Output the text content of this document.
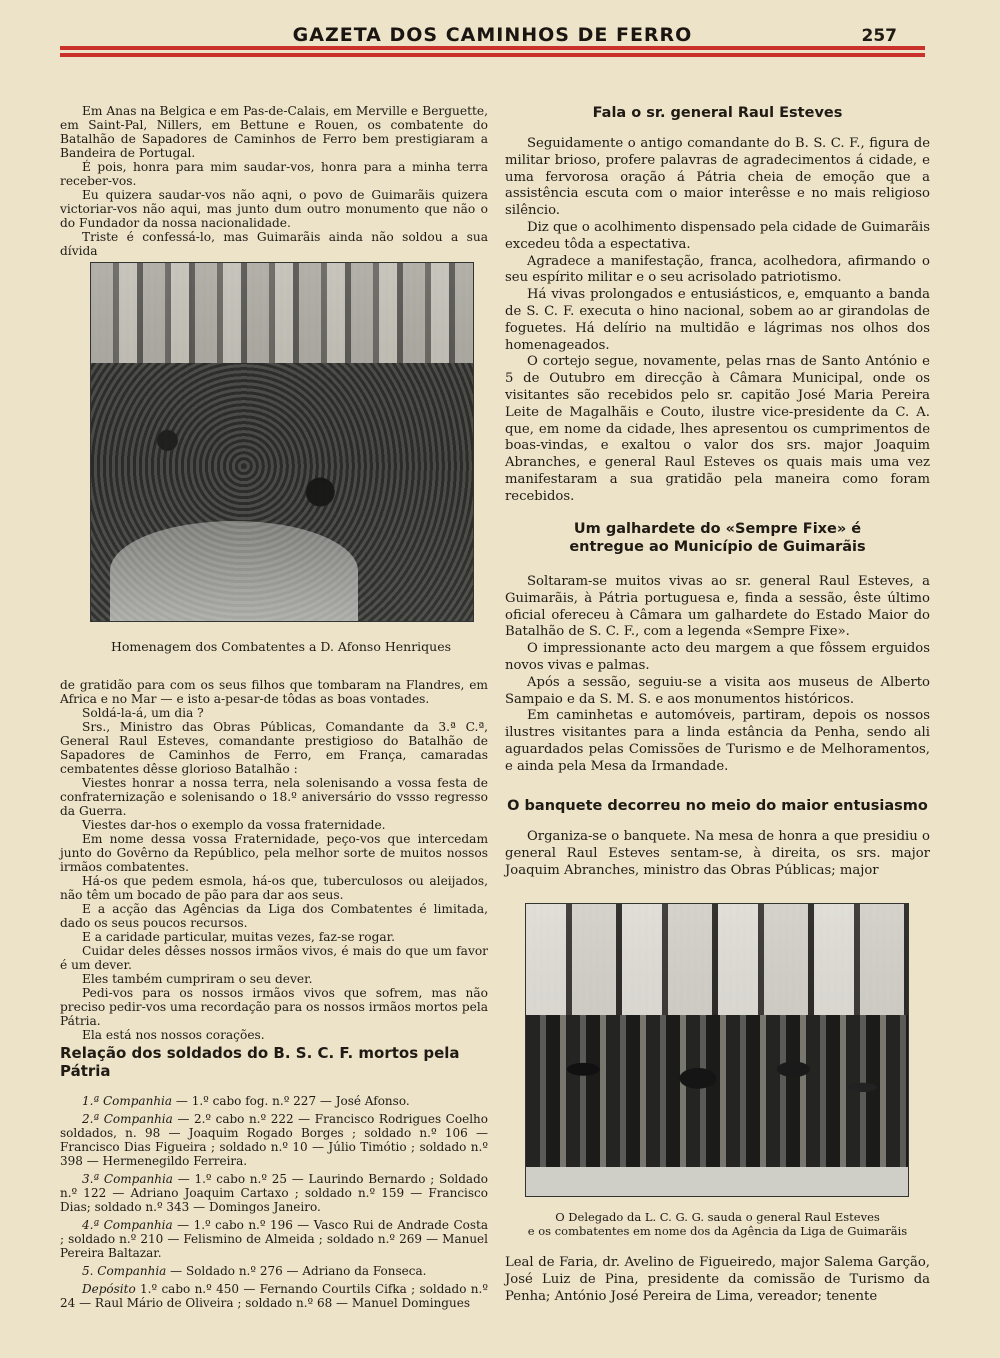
GAZETA DOS CAMINHOS DE FERRO	257

Em Anas na Belgica e em Pas-de-Calais, em Merville e Berguette, em Saint-Pal, Nillers, em Bettune e Rouen, os combatente do Batalhão de Sapadores de Caminhos de Ferro bem prestigiaram a Bandeira de Portugal.

É pois, honra para mim saudar-vos, honra para a minha terra receber-vos.

Eu quizera saudar-vos não aqni, o povo de Guimarãis quizera victoriar-vos não aqui, mas junto dum outro monumento que não o do Fundador da nossa nacionalidade.

Triste é confessá-lo, mas Guimarãis ainda não soldou a sua dívida

Homenagem dos Combatentes a D. Afonso Henriques

de gratidão para com os seus filhos que tombaram na Flandres, em Africa e no Mar — e isto a-pesar-de tôdas as boas vontades.

Soldá-la-á, um dia ?

Srs., Ministro das Obras Públicas, Comandante da 3.ª C.ª, General Raul Esteves, comandante prestigioso do Batalhão de Sapadores de Caminhos de Ferro, em França, camaradas cembatentes dêsse glorioso Batalhão :

Viestes honrar a nossa terra, nela solenisando a vossa festa de confraternização e solenisando o 18.º aniversário do vssso regresso da Guerra.

Viestes dar-hos o exemplo da vossa fraternidade.

Em nome dessa vossa Fraternidade, peço-vos que intercedam junto do Govêrno da Repúblico, pela melhor sorte de muitos nossos irmãos combatentes.

Há-os que pedem esmola, há-os que, tuberculosos ou aleijados, não têm um bocado de pão para dar aos seus.

E a acção das Agências da Liga dos Combatentes é limitada, dado os seus poucos recursos.

E a caridade particular, muitas vezes, faz-se rogar.

Cuidar deles dêsses nossos irmãos vivos, é mais do que um favor é um dever.

Eles também cumpriram o seu dever.

Pedi-vos para os nossos irmãos vivos que sofrem, mas não preciso pedir-vos uma recordação para os nossos irmãos mortos pela Pátria.

Ela está nos nossos corações.

Relação dos soldados do B. S. C. F. mortos pela Pátria

1.ª Companhia — 1.º cabo fog. n.º 227 — José Afonso.

2.ª Companhia — 2.º cabo n.º 222 — Francisco Rodrigues Coelho soldados, n. 98 — Joaquim Rogado Borges ; soldado n.º 106 — Francisco Dias Figueira ; soldado n.º 10 — Júlio Timótio ; soldado n.º 398 — Hermenegildo Ferreira.

3.ª Companhia — 1.º cabo n.º 25 — Laurindo Bernardo ; Soldado n.º 122 — Adriano Joaquim Cartaxo ; soldado n.º 159 — Francisco Dias; soldado n.º 343 — Domingos Janeiro.

4.ª Companhia — 1.º cabo n.º 196 — Vasco Rui de Andrade Costa ; soldado n.º 210 — Felismino de Almeida ; soldado n.º 269 — Manuel Pereira Baltazar.

5. Companhia — Soldado n.º 276 — Adriano da Fonseca.

Depósito 1.º cabo n.º 450 — Fernando Courtils Cifka ; soldado n.º 24 — Raul Mário de Oliveira ; soldado n.º 68 — Manuel Domingues

Fala o sr. general Raul Esteves

Seguidamente o antigo comandante do B. S. C. F., figura de militar brioso, profere palavras de agradecimentos á cidade, e uma fervorosa oração á Pátria cheia de emoção que a assistência escuta com o maior interêsse e no mais religioso silêncio.

Diz que o acolhimento dispensado pela cidade de Guimarãis excedeu tôda a espectativa.

Agradece a manifestação, franca, acolhedora, afirmando o seu espírito militar e o seu acrisolado patriotismo.

Há vivas prolongados e entusiásticos, e, emquanto a banda de S. C. F. executa o hino nacional, sobem ao ar girandolas de foguetes. Há delírio na multidão e lágrimas nos olhos dos homenageados.

O cortejo segue, novamente, pelas rnas de Santo António e 5 de Outubro em direcção à Câmara Municipal, onde os visitantes são recebidos pelo sr. capitão José Maria Pereira Leite de Magalhãis e Couto, ilustre vice-presidente da C. A. que, em nome da cidade, lhes apresentou os cumprimentos de boas-vindas, e exaltou o valor dos srs. major Joaquim Abranches, e general Raul Esteves os quais mais uma vez manifestaram a sua gratidão pela maneira como foram recebidos.

Um galhardete do «Sempre Fixe» é
entregue ao Município de Guimarãis

Soltaram-se muitos vivas ao sr. general Raul Esteves, a Guimarãis, à Pátria portuguesa e, finda a sessão, êste último oficial ofereceu à Câmara um galhardete do Estado Maior do Batalhão de S. C. F., com a legenda «Sempre Fixe».

O impressionante acto deu margem a que fôssem erguidos novos vivas e palmas.

Após a sessão, seguiu-se a visita aos museus de Alberto Sampaio e da S. M. S. e aos monumentos históricos.

Em caminhetas e automóveis, partiram, depois os nossos ilustres visitantes para a linda estância da Penha, sendo ali aguardados pelas Comissões de Turismo e de Melhoramentos, e ainda pela Mesa da Irmandade.

O banquete decorreu no meio do maior entusiasmo

Organiza-se o banquete. Na mesa de honra a que presidiu o general Raul Esteves sentam-se, à direita, os srs. major Joaquim Abranches, ministro das Obras Públicas; major

O Delegado da L. C. G. G. sauda o general Raul Esteves
e os combatentes em nome dos da Agência da Liga de Guimarãis

Leal de Faria, dr. Avelino de Figueiredo, major Salema Garção, José Luiz de Pina, presidente da comissão de Turismo da Penha; António José Pereira de Lima, vereador; tenente
